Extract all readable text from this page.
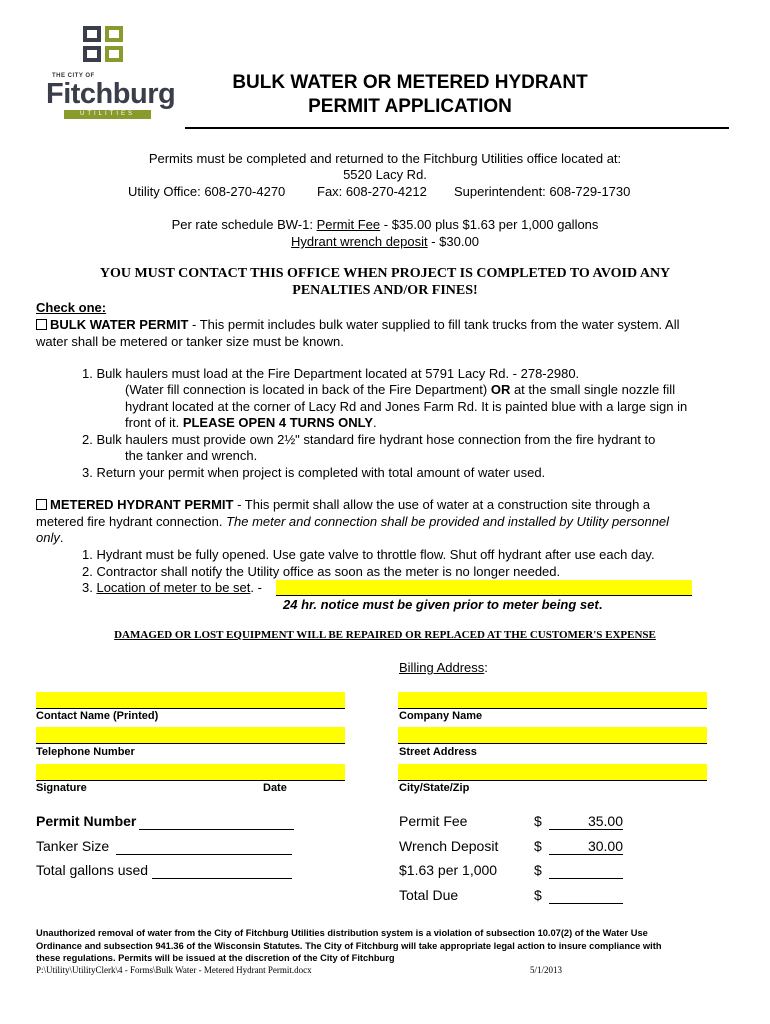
THE CITY OF
Fitchburg
UTILITIES
BULK WATER OR METERED HYDRANT
PERMIT APPLICATION
Permits must be completed and returned to the Fitchburg Utilities office located at:
5520 Lacy Rd.
Utility Office: 608-270-4270 Fax: 608-270-4212 Superintendent: 608-729-1730
Per rate schedule BW-1: Permit Fee - $35.00 plus $1.63 per 1,000 gallons
Hydrant wrench deposit - $30.00
YOU MUST CONTACT THIS OFFICE WHEN PROJECT IS COMPLETED TO AVOID ANY
PENALTIES AND/OR FINES!
Check one:
BULK WATER PERMIT - This permit includes bulk water supplied to fill tank trucks from the water system. All
water shall be metered or tanker size must be known.
1. Bulk haulers must load at the Fire Department located at 5791 Lacy Rd. - 278-2980.
(Water fill connection is located in back of the Fire Department) OR at the small single nozzle fill
hydrant located at the corner of Lacy Rd and Jones Farm Rd. It is painted blue with a large sign in
front of it. PLEASE OPEN 4 TURNS ONLY.
2. Bulk haulers must provide own 2½" standard fire hydrant hose connection from the fire hydrant to
the tanker and wrench.
3. Return your permit when project is completed with total amount of water used.
METERED HYDRANT PERMIT - This permit shall allow the use of water at a construction site through a
metered fire hydrant connection. The meter and connection shall be provided and installed by Utility personnel
only.
1. Hydrant must be fully opened. Use gate valve to throttle flow. Shut off hydrant after use each day.
2. Contractor shall notify the Utility office as soon as the meter is no longer needed.
3. Location of meter to be set. -
24 hr. notice must be given prior to meter being set.
DAMAGED OR LOST EQUIPMENT WILL BE REPAIRED OR REPLACED AT THE CUSTOMER'S EXPENSE
Billing Address:
Contact Name (Printed)	Company Name
Telephone Number	Street Address
Signature	Date	City/State/Zip
Permit Number
Tanker Size
Total gallons used
Permit Fee	$	35.00
Wrench Deposit	$	30.00
$1.63 per 1,000	$
Total Due	$
Unauthorized removal of water from the City of Fitchburg Utilities distribution system is a violation of subsection 10.07(2) of the Water Use
Ordinance and subsection 941.36 of the Wisconsin Statutes. The City of Fitchburg will take appropriate legal action to insure compliance with
these regulations. Permits will be issued at the discretion of the City of Fitchburg
P:\Utility\UtilityClerk\4 - Forms\Bulk Water - Metered Hydrant Permit.docx	5/1/2013
